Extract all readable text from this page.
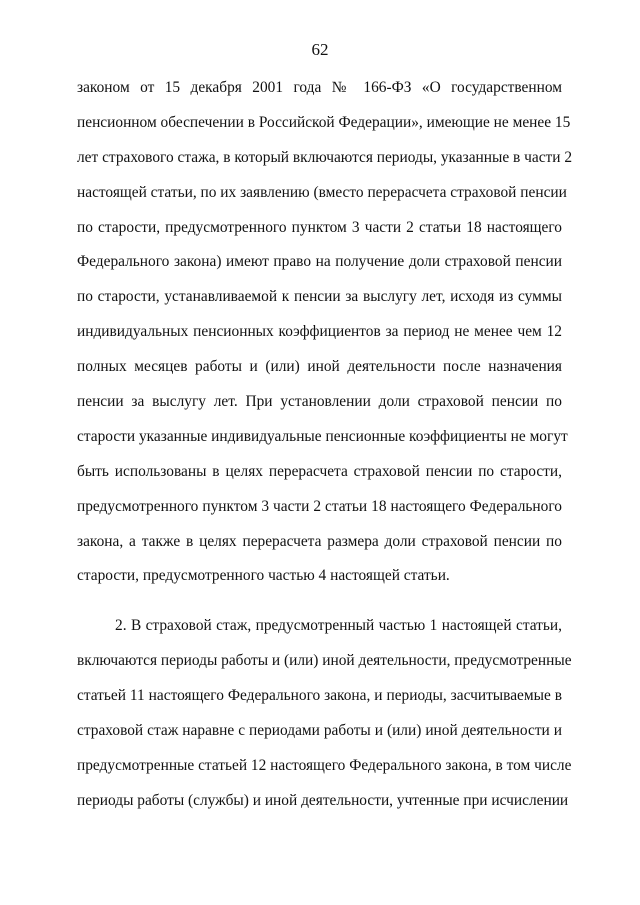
62
законом от 15 декабря 2001 года № 166-ФЗ «О государственном
пенсионном обеспечении в Российской Федерации», имеющие не менее 15
лет страхового стажа, в который включаются периоды, указанные в части 2
настоящей статьи, по их заявлению (вместо перерасчета страховой пенсии
по старости, предусмотренного пунктом 3 части 2 статьи 18 настоящего
Федерального закона) имеют право на получение доли страховой пенсии
по старости, устанавливаемой к пенсии за выслугу лет, исходя из суммы
индивидуальных пенсионных коэффициентов за период не менее чем 12
полных месяцев работы и (или) иной деятельности после назначения
пенсии за выслугу лет. При установлении доли страховой пенсии по
старости указанные индивидуальные пенсионные коэффициенты не могут
быть использованы в целях перерасчета страховой пенсии по старости,
предусмотренного пунктом 3 части 2 статьи 18 настоящего Федерального
закона, а также в целях перерасчета размера доли страховой пенсии по
старости, предусмотренного частью 4 настоящей статьи.
2. В страховой стаж, предусмотренный частью 1 настоящей статьи,
включаются периоды работы и (или) иной деятельности, предусмотренные
статьей 11 настоящего Федерального закона, и периоды, засчитываемые в
страховой стаж наравне с периодами работы и (или) иной деятельности и
предусмотренные статьей 12 настоящего Федерального закона, в том числе
периоды работы (службы) и иной деятельности, учтенные при исчислении
